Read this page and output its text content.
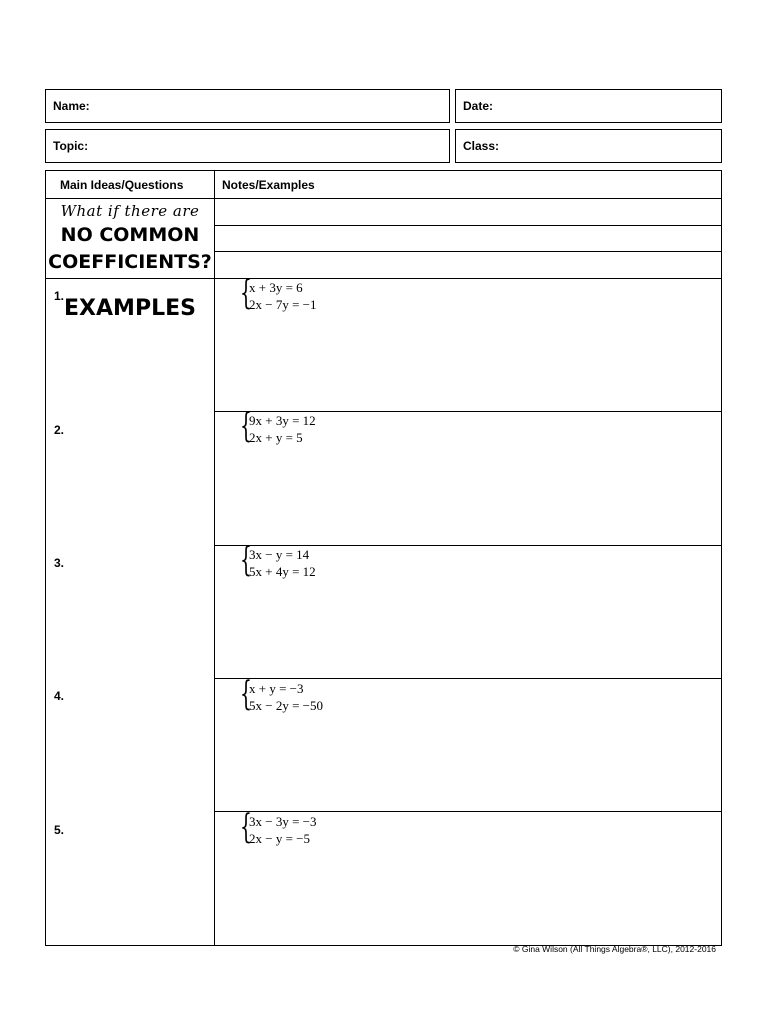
Name:	Date:
Topic:	Class:
Main Ideas/Questions	Notes/Examples
What if there are
NO COMMON
COEFFICIENTS?
EXAMPLES
1.	{
x + 3y = 6
2x − 7y = −1
2.	{
9x + 3y = 12
2x + y = 5
3.	{
3x − y = 14
5x + 4y = 12
4.	{
x + y = −3
5x − 2y = −50
5.	{
3x − 3y = −3
2x − y = −5
© Gina Wilson (All Things Algebra®, LLC), 2012-2016
